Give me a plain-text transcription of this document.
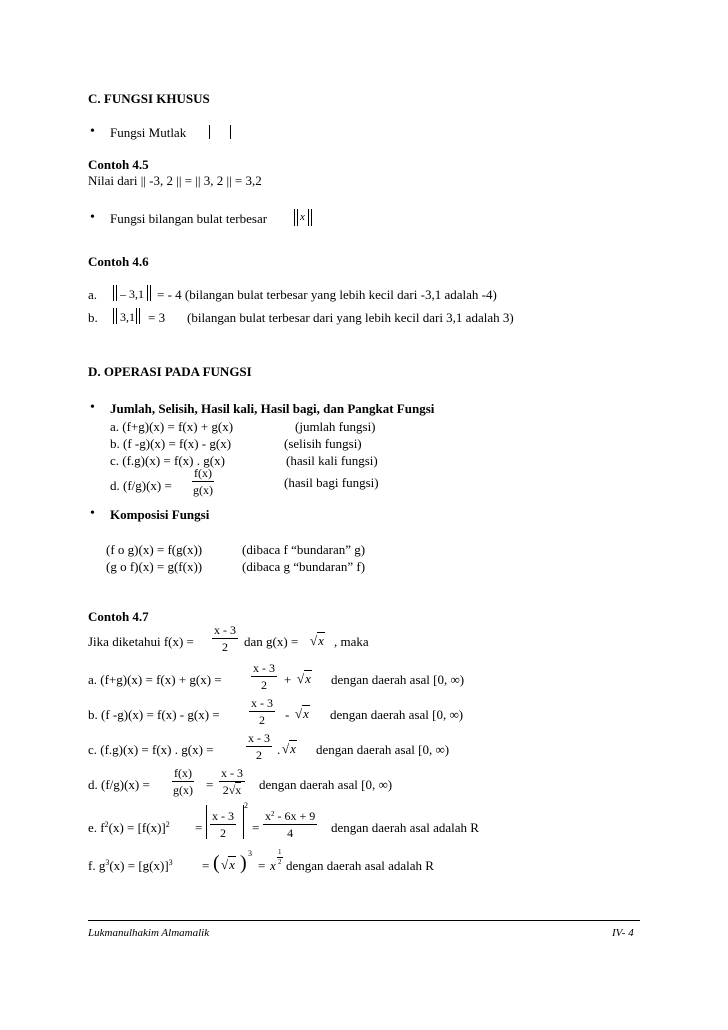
C. FUNGSI KHUSUS
• Fungsi Mutlak
Contoh 4.5
Nilai dari || -3, 2 || = || 3, 2 || = 3,2
• Fungsi bilangan bulat terbesar	x
Contoh 4.6
a. – 3,1 = - 4 (bilangan bulat terbesar yang lebih kecil dari -3,1 adalah -4)
b. 3,1 = 3 (bilangan bulat terbesar dari yang lebih kecil dari 3,1 adalah 3)
D. OPERASI PADA FUNGSI
• Jumlah, Selisih, Hasil kali, Hasil bagi, dan Pangkat Fungsi
a. (f+g)(x) = f(x) + g(x)	(jumlah fungsi)
b. (f -g)(x) = f(x) - g(x)	(selisih fungsi)
c. (f.g)(x) = f(x) . g(x)	(hasil kali fungsi)
d. $(f/g)(x) = \frac{f(x)}{g(x)}$	(hasil bagi fungsi)
• Komposisi Fungsi
(f o g)(x) = f(g(x))	(dibaca f “bundaran” g)
(g o f)(x) = g(f(x))	(dibaca g “bundaran” f)
Contoh 4.7
Jika diketahui $f(x) = \frac{x - 3}{2}$ dan g(x) = √x , maka
a. $(f+g)(x) = f(x) + g(x) = \frac{x - 3}{2} + √x$ dengan daerah asal [0, ∞)
b. (f $-g)(x) = f(x) - g(x) = \frac{x - 3}{2} - √x$ dengan daerah asal [0, ∞)
c. (f.g)(x) = f(x) . g(x) =	$\frac{x - 3}{2}$ . √x dengan daerah asal [0, ∞)
d. $(f/g)(x) = \frac{f(x)}{g(x)} = \frac{x - 3}{2√x}$ dengan daerah asal [0, ∞)
e. $f^2(x) = [f(x)]^2 = \frac{x - 3}{2}$
2
= $\frac{x^2 - 6x + 9}{4}$ dengan daerah asal adalah R
f. $g^3(x) = [g(x)]^3$ = ( √x ) 3
= x $\frac{1}{2}$ dengan daerah asal adalah R
Lukmanulhakim Almamalik	IV- 4
